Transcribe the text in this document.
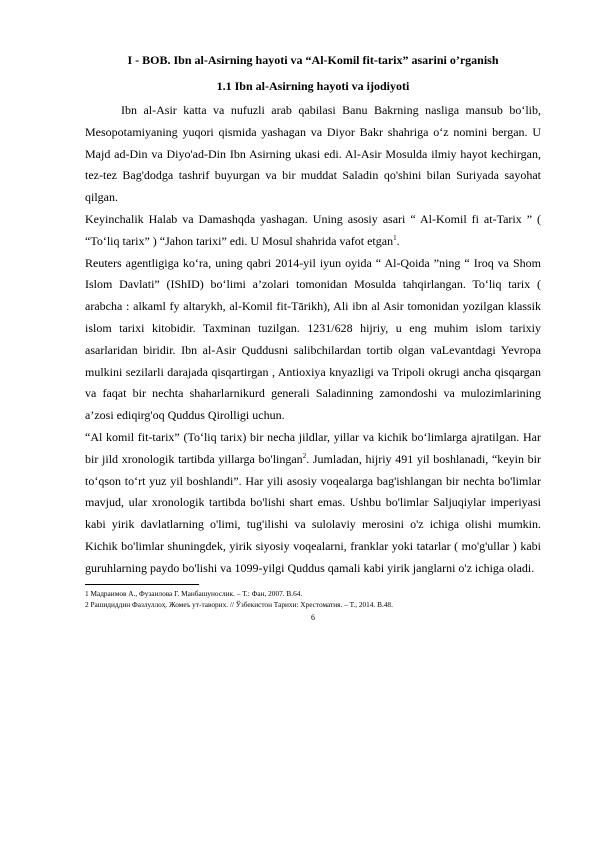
I - BOB. Ibn al-Asirning hayoti va “Al-Komil fit-tarix” asarini o’rganish
1.1 Ibn al-Asirning hayoti va ijodiyoti

Ibn al-Asir katta va nufuzli arab qabilasi Banu Bakrning nasliga mansub bo‘lib, Mesopotamiyaning yuqori qismida yashagan va Diyor Bakr shahriga o‘z nomini bergan. U Majd ad-Din va Diyo'ad-Din Ibn Asirning ukasi edi. Al-Asir Mosulda ilmiy hayot kechirgan, tez-tez Bag'dodga tashrif buyurgan va bir muddat Saladin qo'shini bilan Suriyada sayohat qilgan.

Keyinchalik Halab va Damashqda yashagan. Uning asosiy asari “ Al-Komil fi at-Tarix ” ( “To‘liq tarix” ) “Jahon tarixi” edi. U Mosul shahrida vafot etgan$^1$.

Reuters agentligiga ko‘ra, uning qabri 2014-yil iyun oyida “ Al-Qoida ”ning “ Iroq va Shom Islom Davlati” (IShID) bo‘limi a’zolari tomonidan Mosulda tahqirlangan. To‘liq tarix ( arabcha : alkaml fy altarykh, al-Komil fit-Tārikh), Ali ibn al Asir tomonidan yozilgan klassik islom tarixi kitobidir. Taxminan tuzilgan. 1231/628 hijriy, u eng muhim islom tarixiy asarlaridan biridir. Ibn al-Asir Quddusni salibchilardan tortib olgan vaLevantdagi Yevropa mulkini sezilarli darajada qisqartirgan , Antioxiya knyazligi va Tripoli okrugi ancha qisqargan va faqat bir nechta shaharlarnikurd generali Saladinning zamondoshi va mulozimlarining a’zosi ediqirg'oq Quddus Qirolligi uchun.

“Al komil fit-tarix” (To‘liq tarix) bir necha jildlar, yillar va kichik bo‘limlarga ajratilgan. Har bir jild xronologik tartibda yillarga bo'lingan$^2$. Jumladan, hijriy 491 yil boshlanadi, “keyin bir to‘qson to‘rt yuz yil boshlandi”. Har yili asosiy voqealarga bag'ishlangan bir nechta bo'limlar mavjud, ular xronologik tartibda bo'lishi shart emas. Ushbu bo'limlar Saljuqiylar imperiyasi kabi yirik davlatlarning o'limi, tug'ilishi va sulolaviy merosini o'z ichiga olishi mumkin. Kichik bo'limlar shuningdek, yirik siyosiy voqealarni, franklar yoki tatarlar ( mo'g'ullar ) kabi guruhlarning paydo bo'lishi va 1099-yilgi Quddus qamali kabi yirik janglarni o'z ichiga oladi.

1 Мадраимов А., Фузаилова Г. Манбашунослик. – Т.: Фан, 2007. В.64.
2 Рашидиддин Фазлуллоҳ. Жомеъ ут-таворих. // Ўзбекистон Тарихи: Хрестоматия. – Т., 2014. B.48.
6
